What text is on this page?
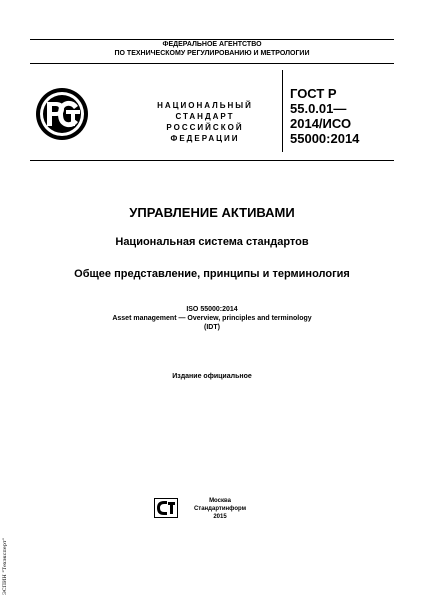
ФЕДЕРАЛЬНОЕ АГЕНТСТВО
ПО ТЕХНИЧЕСКОМУ РЕГУЛИРОВАНИЮ И МЕТРОЛОГИИ
НАЦИОНАЛЬНЫЙ
СТАНДАРТ
РОССИЙСКОЙ
ФЕДЕРАЦИИ
ГОСТ Р
55.0.01—
2014/ИСО
55000:2014
УПРАВЛЕНИЕ АКТИВАМИ
Национальная система стандартов
Общее представление, принципы и терминология
ISO 55000:2014
Asset management — Overview, principles and terminology
(IDT)
Издание официальное
Москва
Стандартинформ
2015
ЭСПИН "Техэксперт"
